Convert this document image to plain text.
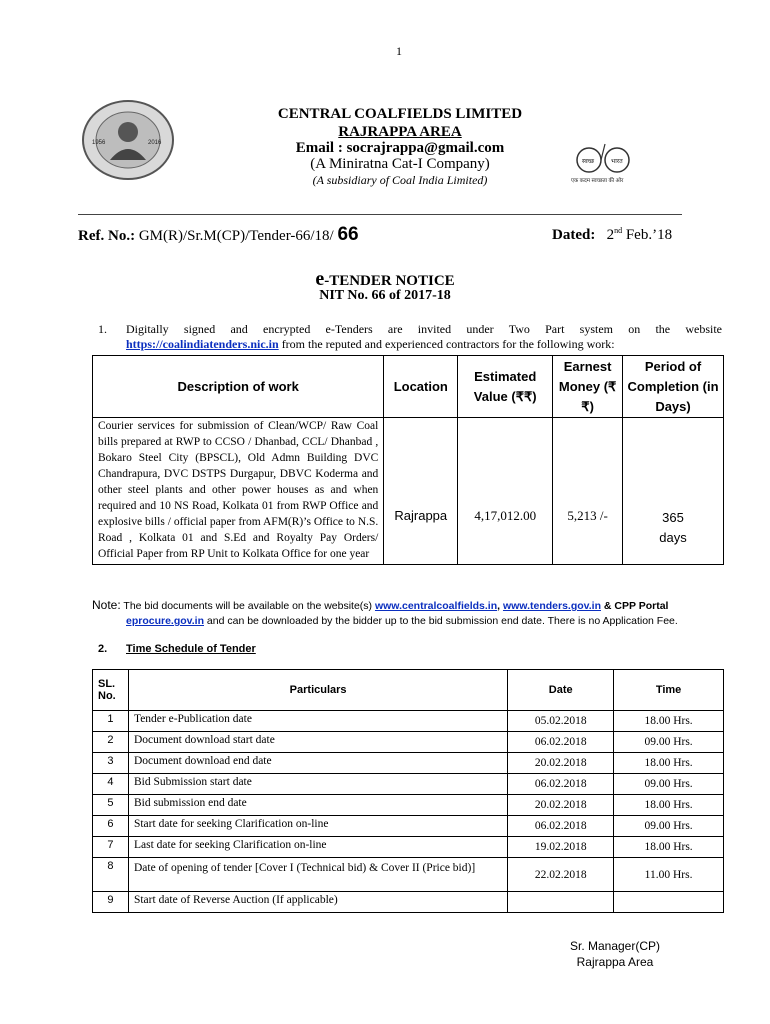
1
1956	2016
CENTRAL COALFIELDS LIMITED
RAJRAPPA AREA
Email : socrajrappa@gmail.com
(A Miniratna Cat-I Company)
(A subsidiary of Coal India Limited)
स्वच्छ	भारत
एक कदम स्वच्छता की ओर
Ref. No.: GM(R)/Sr.M(CP)/Tender-66/18/ 66	Dated: 2nd Feb.’18
e-TENDER NOTICE
NIT No. 66 of 2017-18
1. Digitally signed and encrypted e-Tenders are invited under Two Part system on the website
https://coalindiatenders.nic.in from the reputed and experienced contractors for the following work:
Description of work	Location	Estimated Value (₹₹)	Earnest Money (₹₹)	Period of Completion (in Days)
Courier services for submission of Clean/WCP/ Raw Coal bills prepared at RWP to CCSO / Dhanbad, CCL/ Dhanbad , Bokaro Steel City (BPSCL), Old Admn Building DVC Chandrapura, DVC DSTPS Durgapur, DBVC Koderma and other steel plants and other power houses as and when required and 10 NS Road, Kolkata 01 from RWP Office and explosive bills / official paper from AFM(R)’s Office to N.S. Road , Kolkata 01 and S.Ed and Royalty Pay Orders/ Official Paper from RP Unit to Kolkata Office for one year	Rajrappa	4,17,012.00	5,213 /-	365
days
Note: The bid documents will be available on the website(s) www.centralcoalfields.in, www.tenders.gov.in & CPP Portal
eprocure.gov.in and can be downloaded by the bidder up to the bid submission end date. There is no Application Fee.
2. Time Schedule of Tender
SL. No.	Particulars	Date	Time
1	Tender e-Publication date	05.02.2018	18.00 Hrs.
2	Document download start date	06.02.2018	09.00 Hrs.
3	Document download end date	20.02.2018	18.00 Hrs.
4	Bid Submission start date	06.02.2018	09.00 Hrs.
5	Bid submission end date	20.02.2018	18.00 Hrs.
6	Start date for seeking Clarification on-line	06.02.2018	09.00 Hrs.
7	Last date for seeking Clarification on-line	19.02.2018	18.00 Hrs.
8	Date of opening of tender [Cover I (Technical bid) & Cover II (Price bid)]	22.02.2018	11.00 Hrs.
9	Start date of Reverse Auction (If applicable)		
Sr. Manager(CP)
Rajrappa Area
